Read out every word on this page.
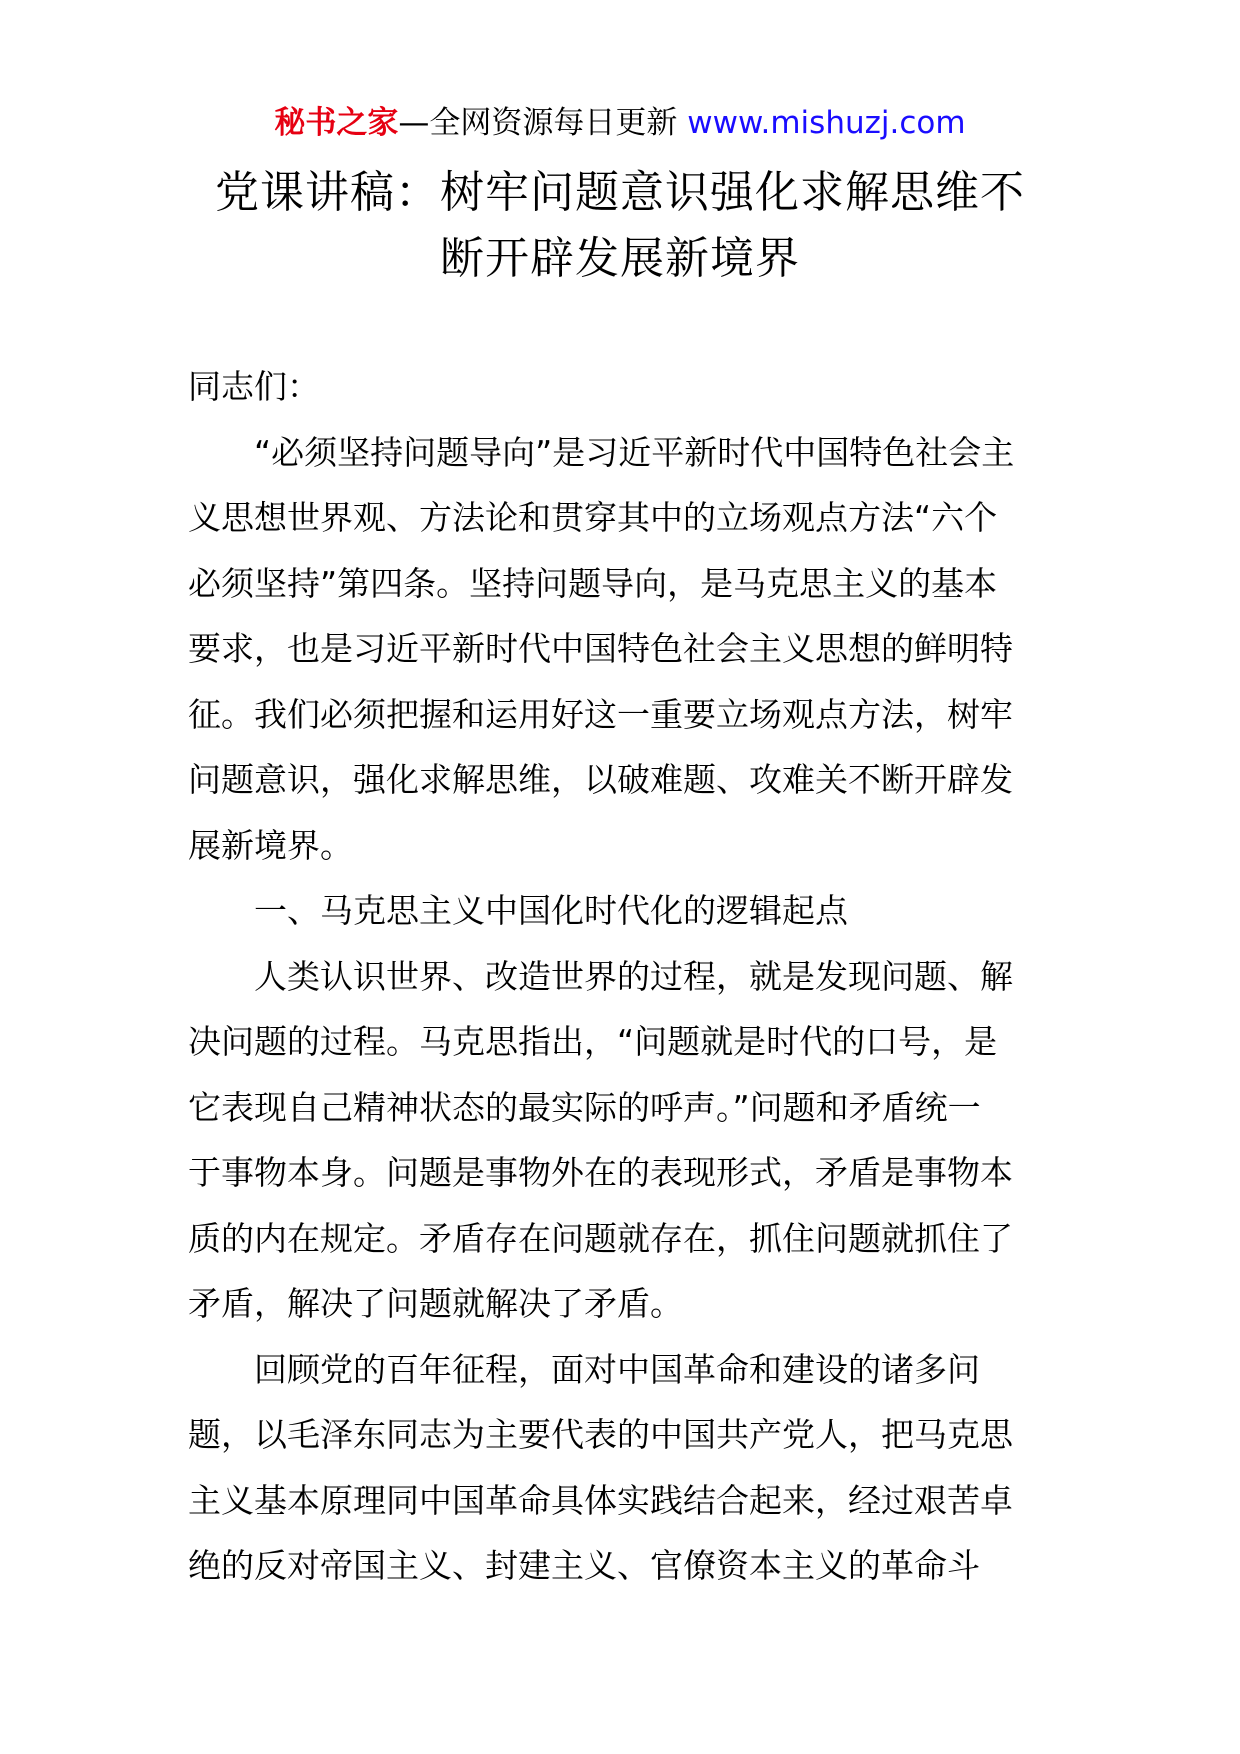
秘书之家—全网资源每日更新 www.mishuzj.com
党课讲稿：树牢问题意识强化求解思维不
断开辟发展新境界
同志们：
“必须坚持问题导向”是习近平新时代中国特色社会主
义思想世界观、方法论和贯穿其中的立场观点方法“六个
必须坚持”第四条。坚持问题导向，是马克思主义的基本
要求，也是习近平新时代中国特色社会主义思想的鲜明特
征。我们必须把握和运用好这一重要立场观点方法，树牢
问题意识，强化求解思维，以破难题、攻难关不断开辟发
展新境界。
一、马克思主义中国化时代化的逻辑起点
人类认识世界、改造世界的过程，就是发现问题、解
决问题的过程。马克思指出，“问题就是时代的口号，是
它表现自己精神状态的最实际的呼声。”问题和矛盾统一
于事物本身。问题是事物外在的表现形式，矛盾是事物本
质的内在规定。矛盾存在问题就存在，抓住问题就抓住了
矛盾，解决了问题就解决了矛盾。
回顾党的百年征程，面对中国革命和建设的诸多问
题，以毛泽东同志为主要代表的中国共产党人，把马克思
主义基本原理同中国革命具体实践结合起来，经过艰苦卓
绝的反对帝国主义、封建主义、官僚资本主义的革命斗
